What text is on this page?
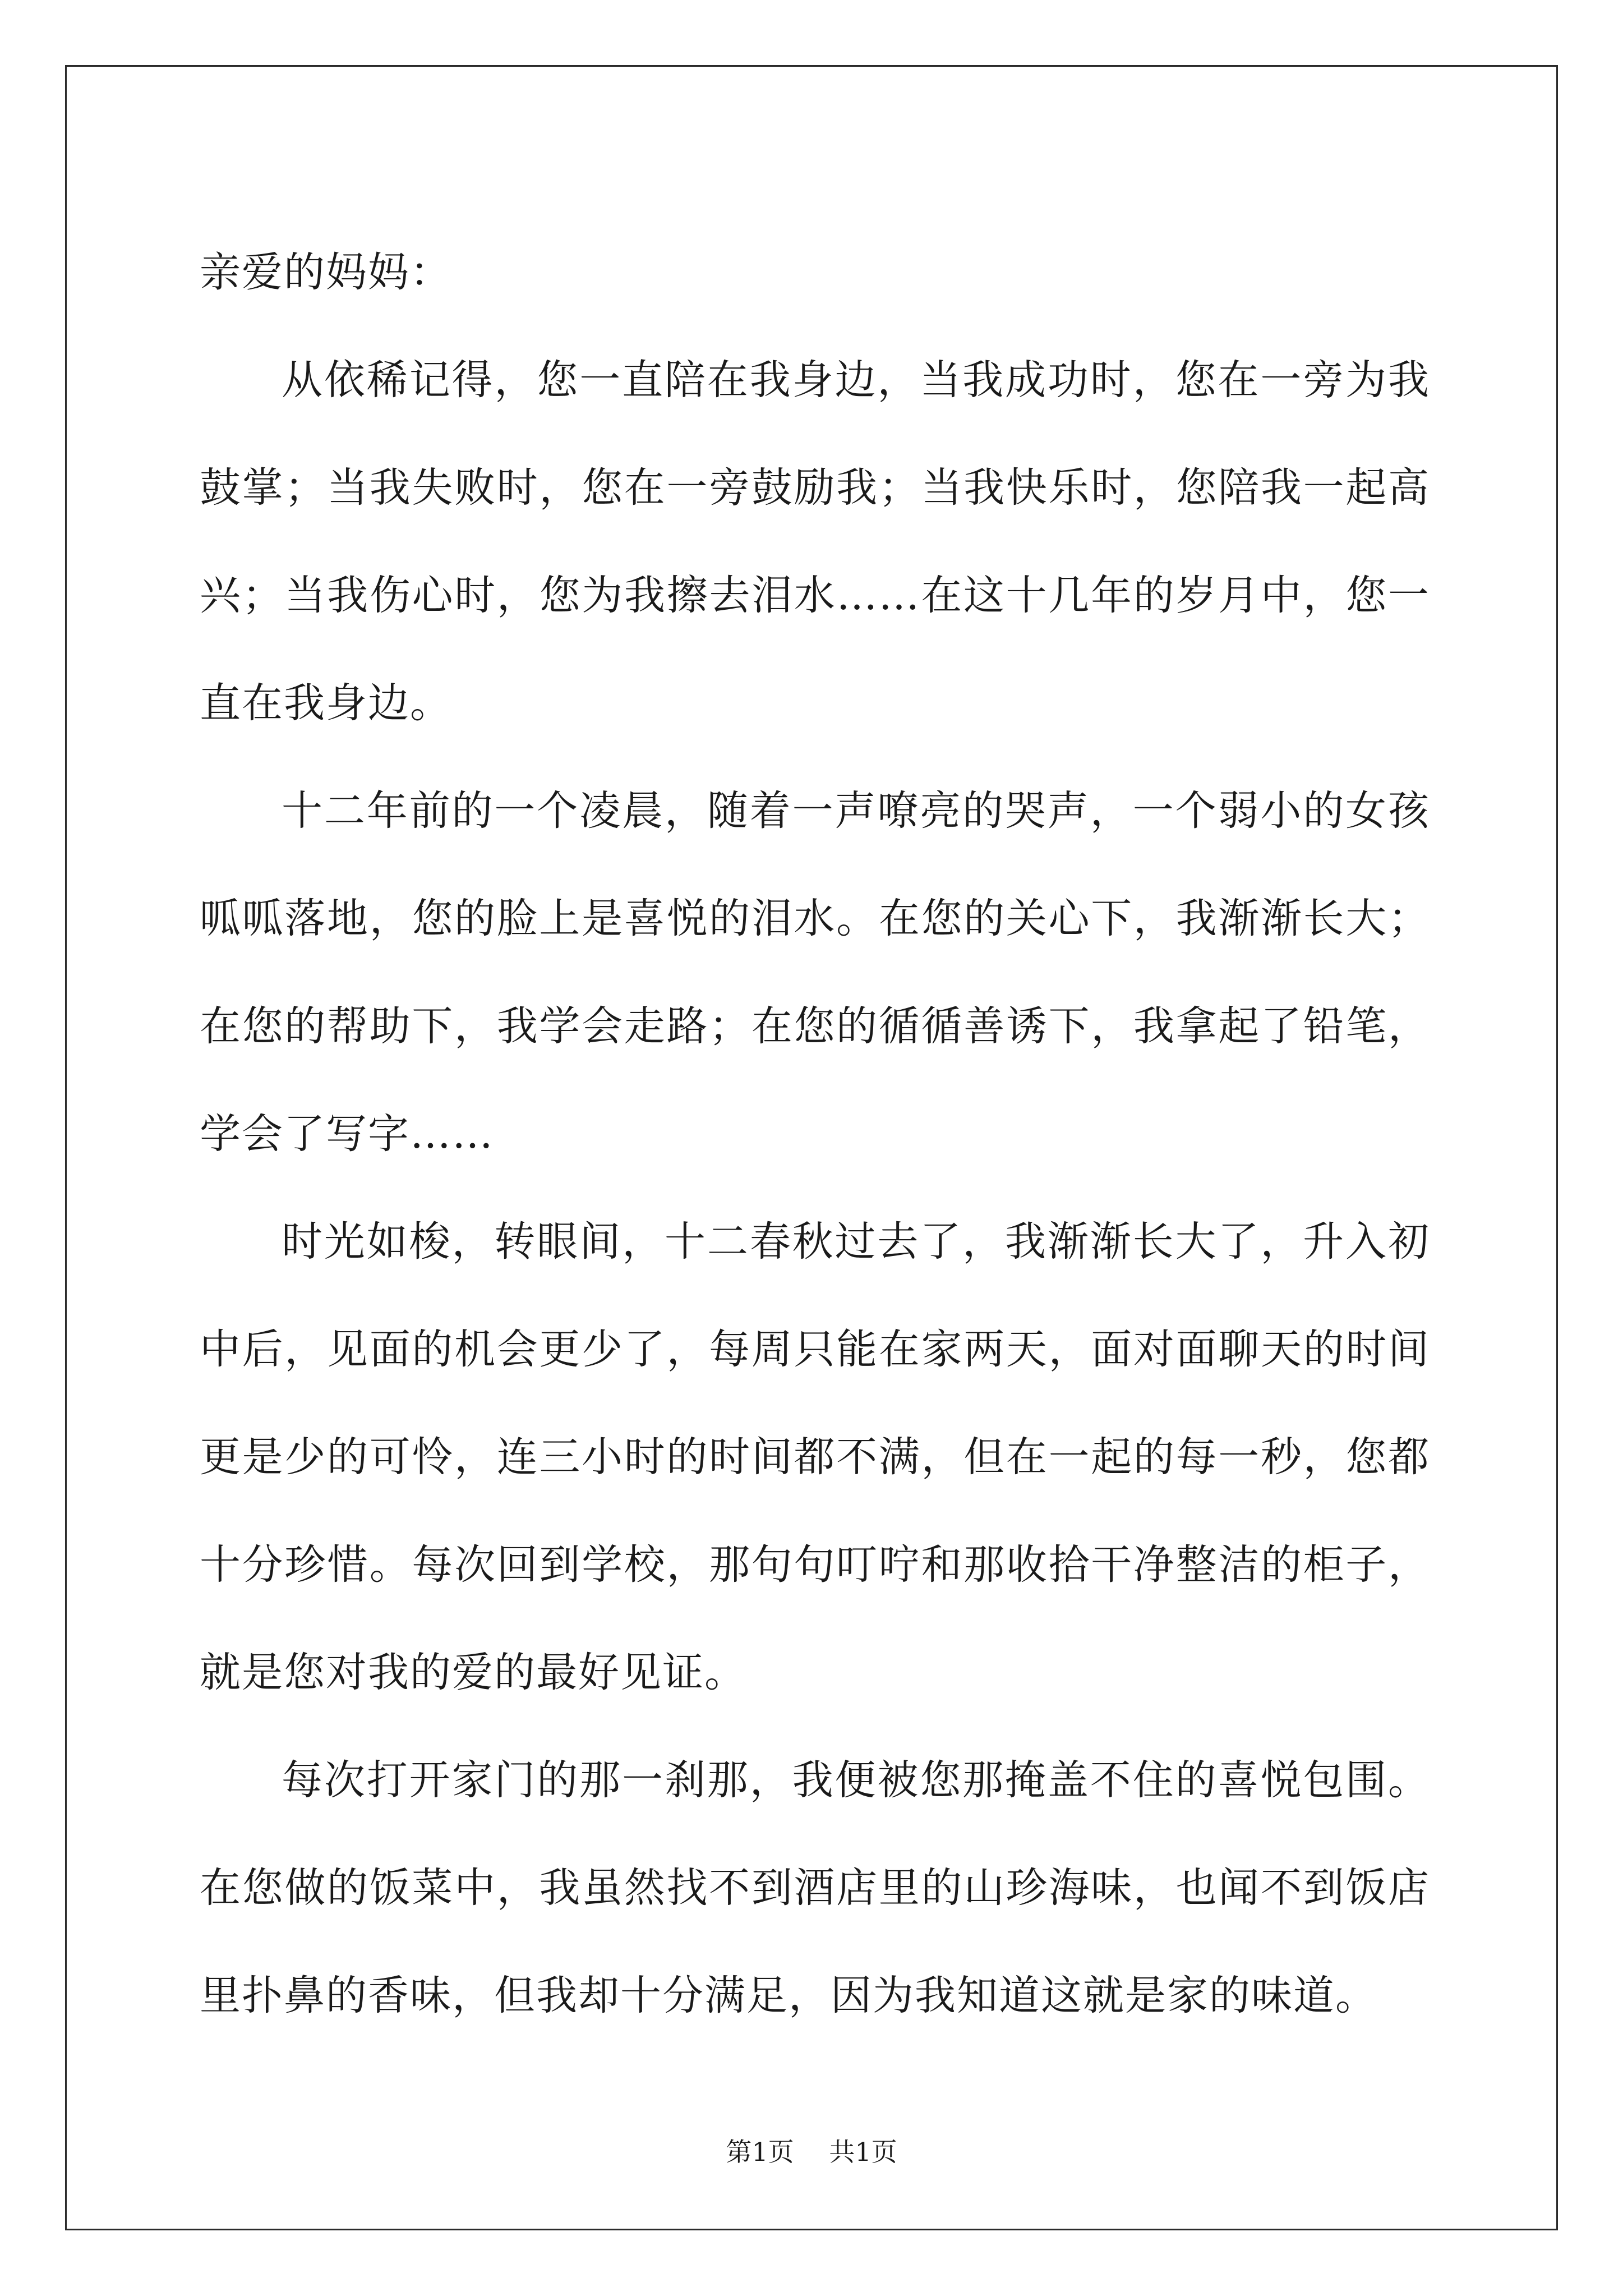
亲爱的妈妈：

从依稀记得，您一直陪在我身边，当我成功时，您在一旁为我鼓掌；当我失败时，您在一旁鼓励我；当我快乐时，您陪我一起高兴；当我伤心时，您为我擦去泪水……在这十几年的岁月中，您一直在我身边。

十二年前的一个凌晨，随着一声嘹亮的哭声，一个弱小的女孩呱呱落地，您的脸上是喜悦的泪水。在您的关心下，我渐渐长大；在您的帮助下，我学会走路；在您的循循善诱下，我拿起了铅笔，学会了写字……

时光如梭，转眼间，十二春秋过去了，我渐渐长大了，升入初中后，见面的机会更少了，每周只能在家两天，面对面聊天的时间更是少的可怜，连三小时的时间都不满，但在一起的每一秒，您都十分珍惜。每次回到学校，那句句叮咛和那收拾干净整洁的柜子，就是您对我的爱的最好见证。

每次打开家门的那一刹那，我便被您那掩盖不住的喜悦包围。在您做的饭菜中，我虽然找不到酒店里的山珍海味，也闻不到饭店里扑鼻的香味，但我却十分满足，因为我知道这就是家的味道。

第1页 共1页
